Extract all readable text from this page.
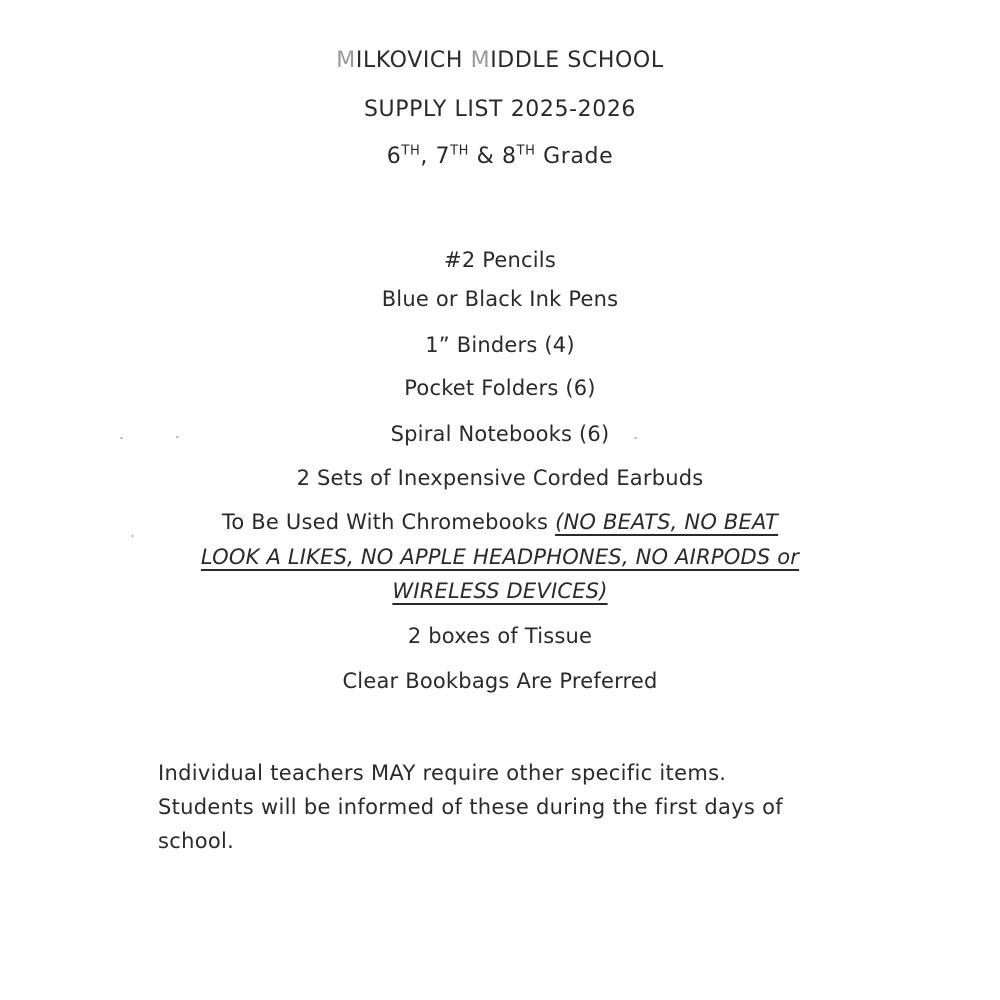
MILKOVICH MIDDLE SCHOOL
SUPPLY LIST 2025-2026
6TH, 7TH & 8TH Grade
#2 Pencils
Blue or Black Ink Pens
1” Binders (4)
Pocket Folders (6)
Spiral Notebooks (6)
2 Sets of Inexpensive Corded Earbuds
To Be Used With Chromebooks (NO BEATS, NO BEAT
LOOK A LIKES, NO APPLE HEADPHONES, NO AIRPODS or
WIRELESS DEVICES)
2 boxes of Tissue
Clear Bookbags Are Preferred
Individual teachers MAY require other specific items.
Students will be informed of these during the first days of
school.
